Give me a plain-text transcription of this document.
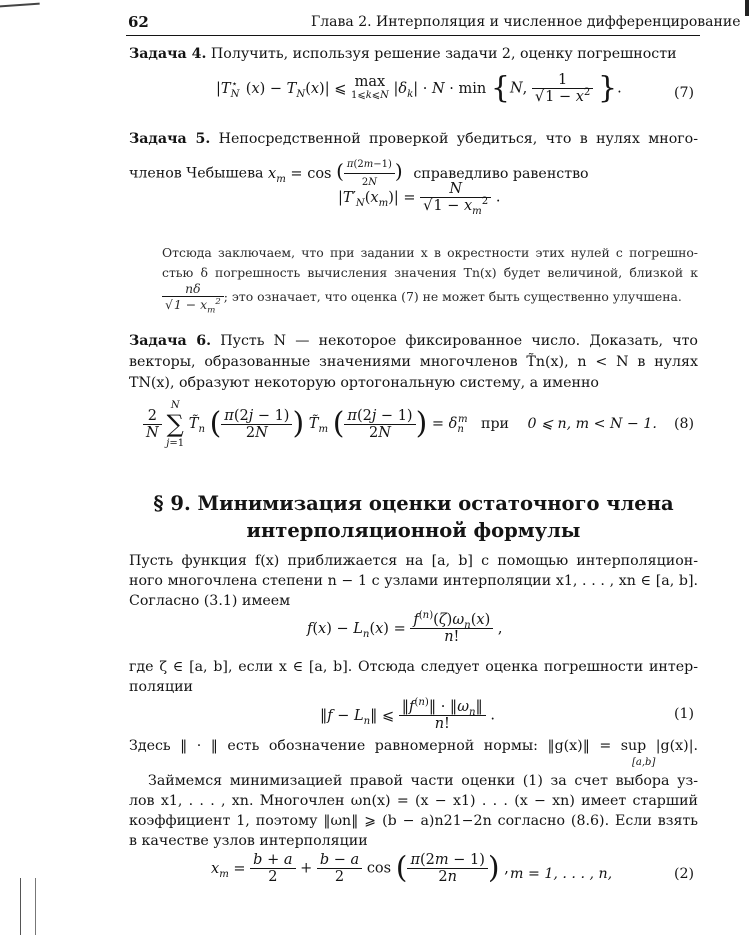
62	Глава 2. Интерполяция и численное дифференцирование
Задача 4. Получить, используя решение задачи 2, оценку погрешности
$|T_N^⋆$ $(x) - T_N(x)|$ ⩽ max
1⩽k⩽N $|\delta_k| \cdot N \cdot \min \{N$, $\frac{1}{√1 - x^2}$ }.	(7)
Задача 5. Непосредственной проверкой убедиться, что в нулях много-
членов Чебышева $x_m = \cos$ ( $\frac{\pi(2m-1)}{2N}$ ) справедливо равенство
$|T'_N(x_m)| = \frac{N}{√1 - x_m^2}$ .
Отсюда заключаем, что при задании x в окрестности этих нулей с погрешно-
стью δ погрешность вычисления значения Tn(x) будет величиной, близкой к
$\frac{n\delta}{√1 - x_m^2}$ ; это означает, что оценка (7) не может быть существенно улучшена.
Задача 6. Пусть N — некоторое фиксированное число. Доказать, что
векторы, образованные значениями многочленов T̃n(x), n < N в нулях
TN(x), образуют некоторую ортогональную систему, а именно
$\frac{2}{N}$
N
∑
j=1 $T̃_n$ ( $\frac{\pi(2j - 1)}{2N}$ ) $T̃_m$ ( $\frac{\pi(2j - 1)}{2N}$ ) = $\delta_n^m$ при 0 ⩽ n, m < N − 1. (8)
§ 9. Минимизация оценки остаточного члена
интерполяционной формулы
Пусть функция f(x) приближается на [a, b] с помощью интерполяцион-
ного многочлена степени n − 1 с узлами интерполяции x1, . . . , xn ∈ [a, b].
Согласно (3.1) имеем
$f(x) - L_n(x) = \frac{f^{(n)}(\zeta)\omega_n(x)}{n!}$ ,
где ζ ∈ [a, b], если x ∈ [a, b]. Отсюда следует оценка погрешности интер-
поляции
‖f − $L_n‖$ ⩽ $\frac{‖f^{(n)}‖ \cdot ‖\omega_n‖}{n!}$ .	(1)
Здесь ‖ · ‖ есть обозначение равномерной нормы: ‖g(x)‖ = sup |g(x)|.
[a,b]
Займемся минимизацией правой части оценки (1) за счет выбора уз-
лов x1, . . . , xn. Многочлен ωn(x) = (x − x1) . . . (x − xn) имеет старший
коэффициент 1, поэтому ‖ωn‖ ⩾ (b − a)n21−2n согласно (8.6). Если взять
в качестве узлов интерполяции
$x_m = \frac{b + a}{2} + \frac{b - a}{2}$ cos ( $\frac{\pi(2m - 1)}{2n}$ ) , m = 1, . . . , n,	(2)
